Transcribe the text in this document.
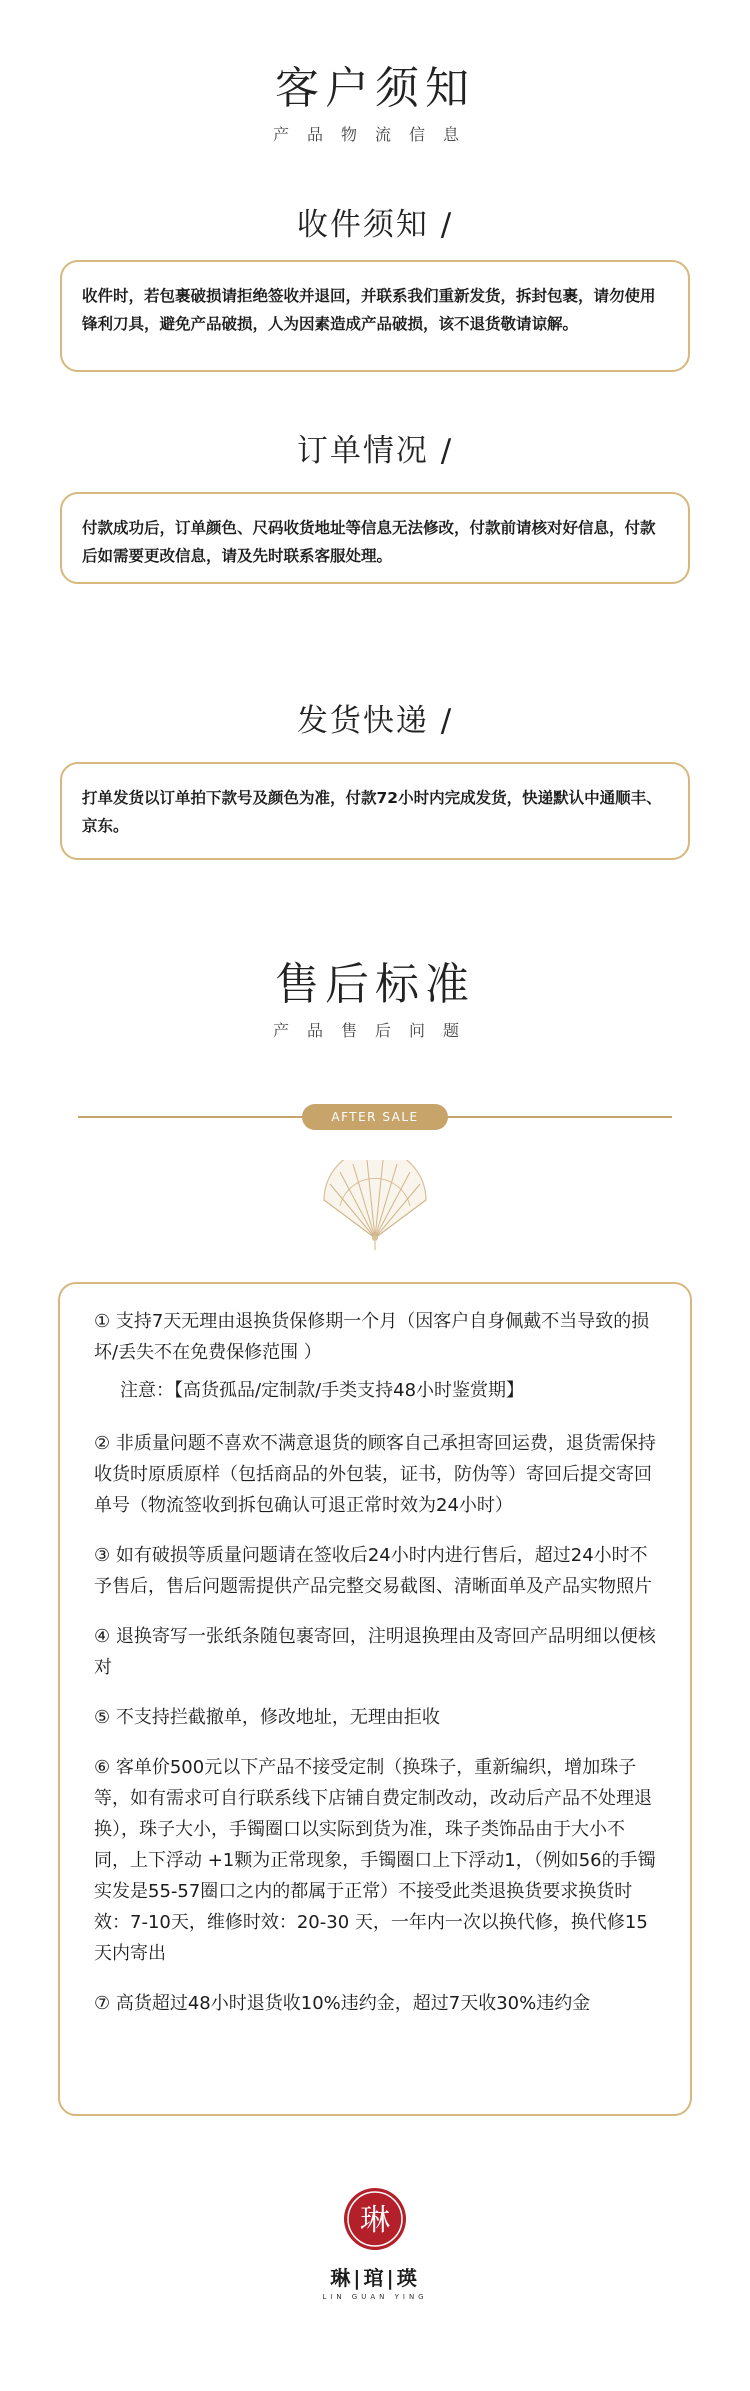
客户须知
产品物流信息
收件须知 /
收件时，若包裹破损请拒绝签收并退回，并联系我们重新发货，拆封包裹，请勿使用锋利刀具，避免产品破损，人为因素造成产品破损，该不退货敬请谅解。
订单情况 /
付款成功后，订单颜色、尺码收货地址等信息无法修改，付款前请核对好信息，付款后如需要更改信息，请及先时联系客服处理。
发货快递 /
打单发货以订单拍下款号及颜色为准，付款72小时内完成发货，快递默认中通顺丰、京东。
售后标准
产品售后问题
AFTER SALE
① 支持7天无理由退换货保修期一个月（因客户自身佩戴不当导致的损坏/丢失不在免费保修范围 ）
注意：【高货孤品/定制款/手类支持48小时鉴赏期】
② 非质量问题不喜欢不满意退货的顾客自己承担寄回运费，退货需保持收货时原质原样（包括商品的外包装，证书，防伪等）寄回后提交寄回单号（物流签收到拆包确认可退正常时效为24小时）
③ 如有破损等质量问题请在签收后24小时内进行售后，超过24小时不予售后，售后问题需提供产品完整交易截图、清晰面单及产品实物照片
④ 退换寄写一张纸条随包裹寄回，注明退换理由及寄回产品明细以便核对
⑤ 不支持拦截撤单，修改地址，无理由拒收
⑥ 客单价500元以下产品不接受定制（换珠子，重新编织，增加珠子等，如有需求可自行联系线下店铺自费定制改动，改动后产品不处理退换），珠子大小，手镯圈口以实际到货为准，珠子类饰品由于大小不同，上下浮动 +1颗为正常现象，手镯圈口上下浮动1，（例如56的手镯实发是55-57圈口之内的都属于正常）不接受此类退换货要求换货时效：7-10天，维修时效：20-30 天，一年内一次以换代修，换代修15天内寄出
⑦ 高货超过48小时退货收10%违约金，超过7天收30%违约金
琳
琳|琯|瑛
LIN GUAN YING
